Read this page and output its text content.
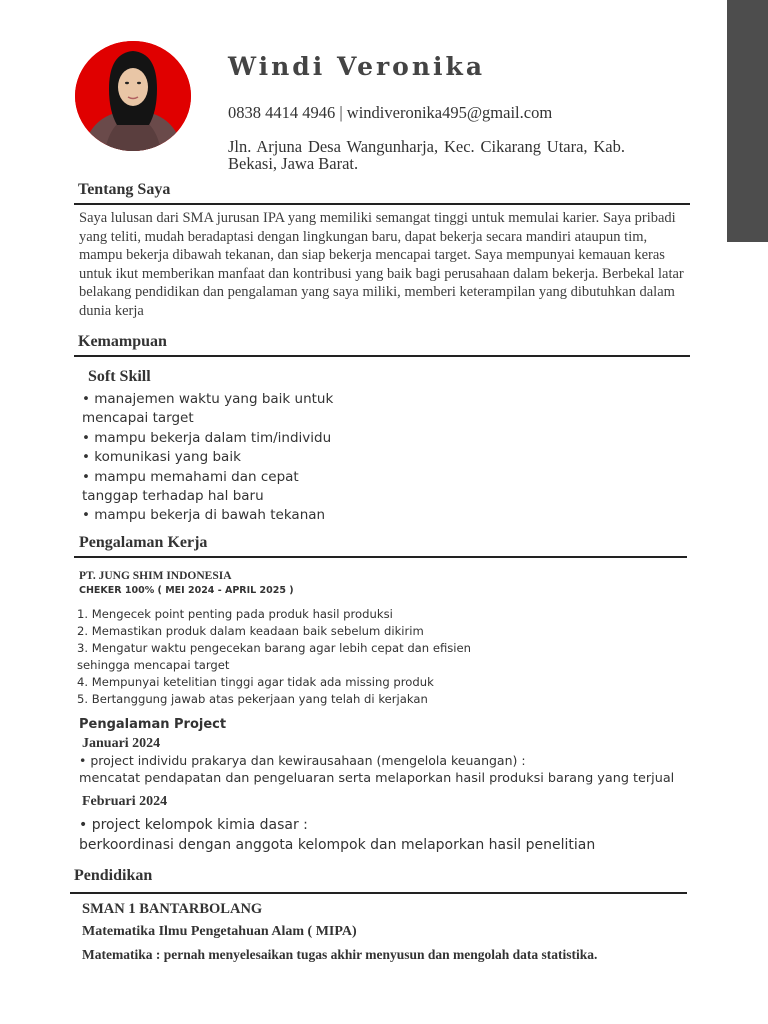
Windi Veronika
0838 4414 4946 | windiveronika495@gmail.com
Jln. Arjuna Desa Wangunharja, Kec. Cikarang Utara, Kab. Bekasi, Jawa Barat.
Tentang Saya
Saya lulusan dari SMA jurusan IPA yang memiliki semangat tinggi untuk memulai karier. Saya pribadi yang teliti, mudah beradaptasi dengan lingkungan baru, dapat bekerja secara mandiri ataupun tim, mampu bekerja dibawah tekanan, dan siap bekerja mencapai target. Saya mempunyai kemauan keras untuk ikut memberikan manfaat dan kontribusi yang baik bagi perusahaan dalam bekerja. Berbekal latar belakang pendidikan dan pengalaman yang saya miliki, memberi keterampilan yang dibutuhkan dalam dunia kerja
Kemampuan
Soft Skill
• manajemen waktu yang baik untuk
mencapai target
• mampu bekerja dalam tim/individu
• komunikasi yang baik
• mampu memahami dan cepat
tanggap terhadap hal baru
• mampu bekerja di bawah tekanan
Pengalaman Kerja
PT. JUNG SHIM INDONESIA
CHEKER 100% ( MEI 2024 - APRIL 2025 )
1. Mengecek point penting pada produk hasil produksi
2. Memastikan produk dalam keadaan baik sebelum dikirim
3. Mengatur waktu pengecekan barang agar lebih cepat dan efisien
sehingga mencapai target
4. Mempunyai ketelitian tinggi agar tidak ada missing produk
5. Bertanggung jawab atas pekerjaan yang telah di kerjakan
Pengalaman Project
Januari 2024
• project individu prakarya dan kewirausahaan (mengelola keuangan) :
mencatat pendapatan dan pengeluaran serta melaporkan hasil produksi barang yang terjual
Februari 2024
• project kelompok kimia dasar :
berkoordinasi dengan anggota kelompok dan melaporkan hasil penelitian
Pendidikan
SMAN 1 BANTARBOLANG
Matematika Ilmu Pengetahuan Alam ( MIPA)
Matematika : pernah menyelesaikan tugas akhir menyusun dan mengolah data statistika.
